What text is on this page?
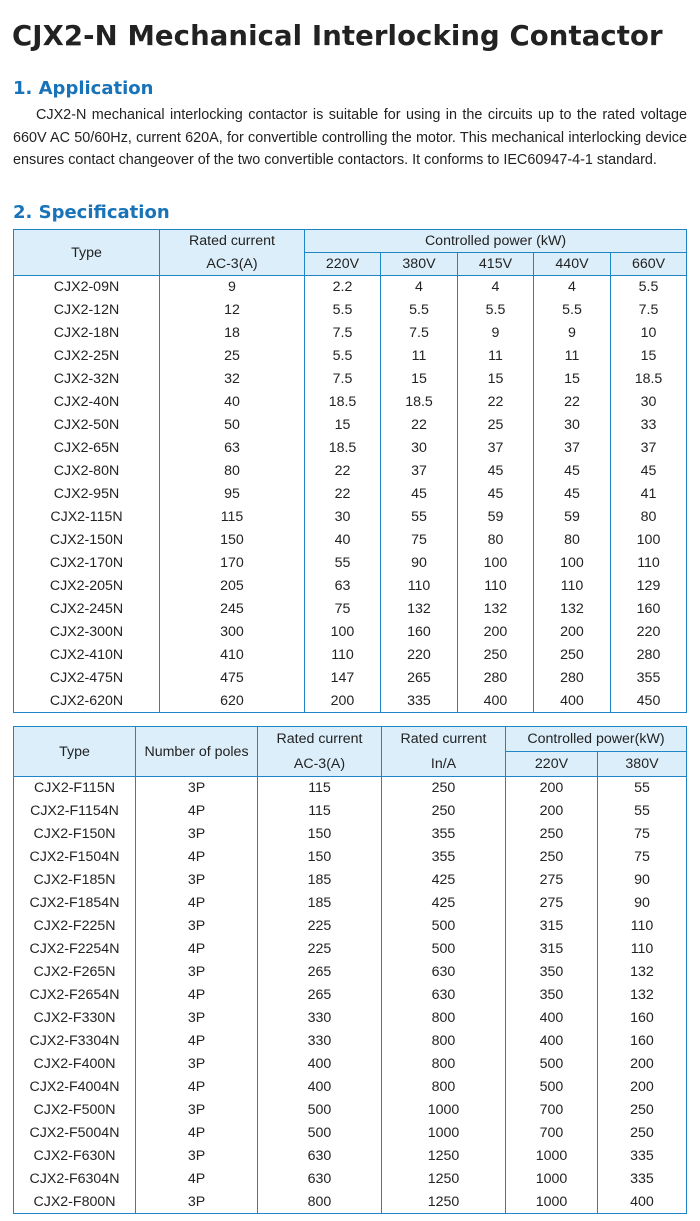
CJX2-N Mechanical Interlocking Contactor
1. Application

CJX2-N mechanical interlocking contactor is suitable for using in the circuits up to the rated voltage 660V AC 50/60Hz, current 620A, for convertible controlling the motor. This mechanical interlocking device ensures contact changeover of the two convertible contactors. It conforms to IEC60947-4-1 standard.

2. Specification
Type	Rated current	Controlled power (kW)				
	AC-3(A)	220V	380V	415V	440V	660V
CJX2-09N	9	2.2	4	4	4	5.5
CJX2-12N	12	5.5	5.5	5.5	5.5	7.5
CJX2-18N	18	7.5	7.5	9	9	10
CJX2-25N	25	5.5	11	11	11	15
CJX2-32N	32	7.5	15	15	15	18.5
CJX2-40N	40	18.5	18.5	22	22	30
CJX2-50N	50	15	22	25	30	33
CJX2-65N	63	18.5	30	37	37	37
CJX2-80N	80	22	37	45	45	45
CJX2-95N	95	22	45	45	45	41
CJX2-115N	115	30	55	59	59	80
CJX2-150N	150	40	75	80	80	100
CJX2-170N	170	55	90	100	100	110
CJX2-205N	205	63	110	110	110	129
CJX2-245N	245	75	132	132	132	160
CJX2-300N	300	100	160	200	200	220
CJX2-410N	410	110	220	250	250	280
CJX2-475N	475	147	265	280	280	355
CJX2-620N	620	200	335	400	400	450
Type	Number of poles	Rated current	Rated current	Controlled power(kW)	
		AC-3(A)	In/A	220V	380V
CJX2-F115N	3P	115	250	200	55
CJX2-F1154N	4P	115	250	200	55
CJX2-F150N	3P	150	355	250	75
CJX2-F1504N	4P	150	355	250	75
CJX2-F185N	3P	185	425	275	90
CJX2-F1854N	4P	185	425	275	90
CJX2-F225N	3P	225	500	315	110
CJX2-F2254N	4P	225	500	315	110
CJX2-F265N	3P	265	630	350	132
CJX2-F2654N	4P	265	630	350	132
CJX2-F330N	3P	330	800	400	160
CJX2-F3304N	4P	330	800	400	160
CJX2-F400N	3P	400	800	500	200
CJX2-F4004N	4P	400	800	500	200
CJX2-F500N	3P	500	1000	700	250
CJX2-F5004N	4P	500	1000	700	250
CJX2-F630N	3P	630	1250	1000	335
CJX2-F6304N	4P	630	1250	1000	335
CJX2-F800N	3P	800	1250	1000	400
